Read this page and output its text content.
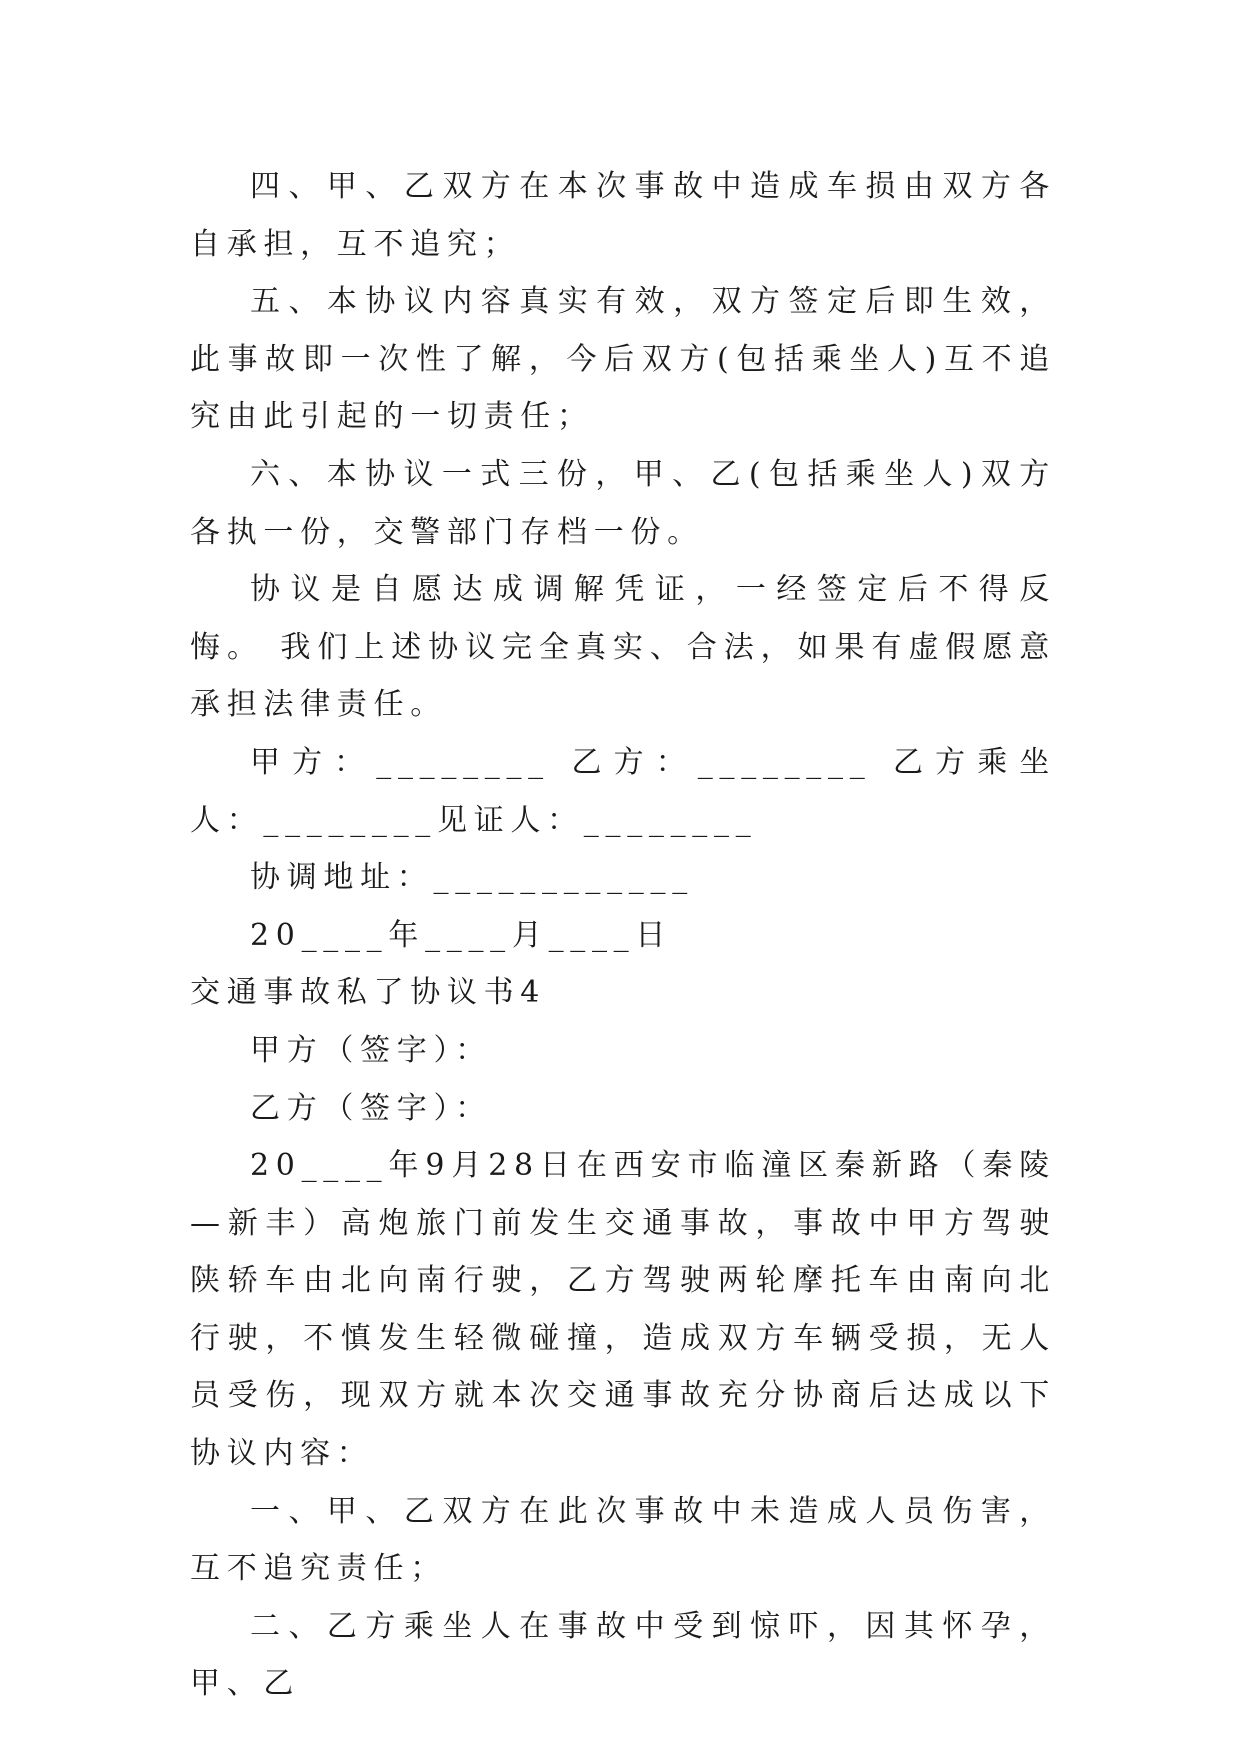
四、甲、乙双方在本次事故中造成车损由双方各自承担，互不追究；

五、本协议内容真实有效，双方签定后即生效，此事故即一次性了解，今后双方(包括乘坐人)互不追究由此引起的一切责任；

六、本协议一式三份，甲、乙(包括乘坐人)双方各执一份，交警部门存档一份。

协议是自愿达成调解凭证，一经签定后不得反悔。 我们上述协议完全真实、合法，如果有虚假愿意承担法律责任。

甲方：________ 乙方：________ 乙方乘坐人：________见证人：________

协调地址：____________

20____年____月____日

交通事故私了协议书4

甲方（签字）：

乙方（签字）：

20____年9月28日在西安市临潼区秦新路（秦陵—新丰）高炮旅门前发生交通事故，事故中甲方驾驶陕轿车由北向南行驶，乙方驾驶两轮摩托车由南向北行驶，不慎发生轻微碰撞，造成双方车辆受损，无人员受伤，现双方就本次交通事故充分协商后达成以下协议内容：

一、甲、乙双方在此次事故中未造成人员伤害，互不追究责任；

二、乙方乘坐人在事故中受到惊吓，因其怀孕，甲、乙
